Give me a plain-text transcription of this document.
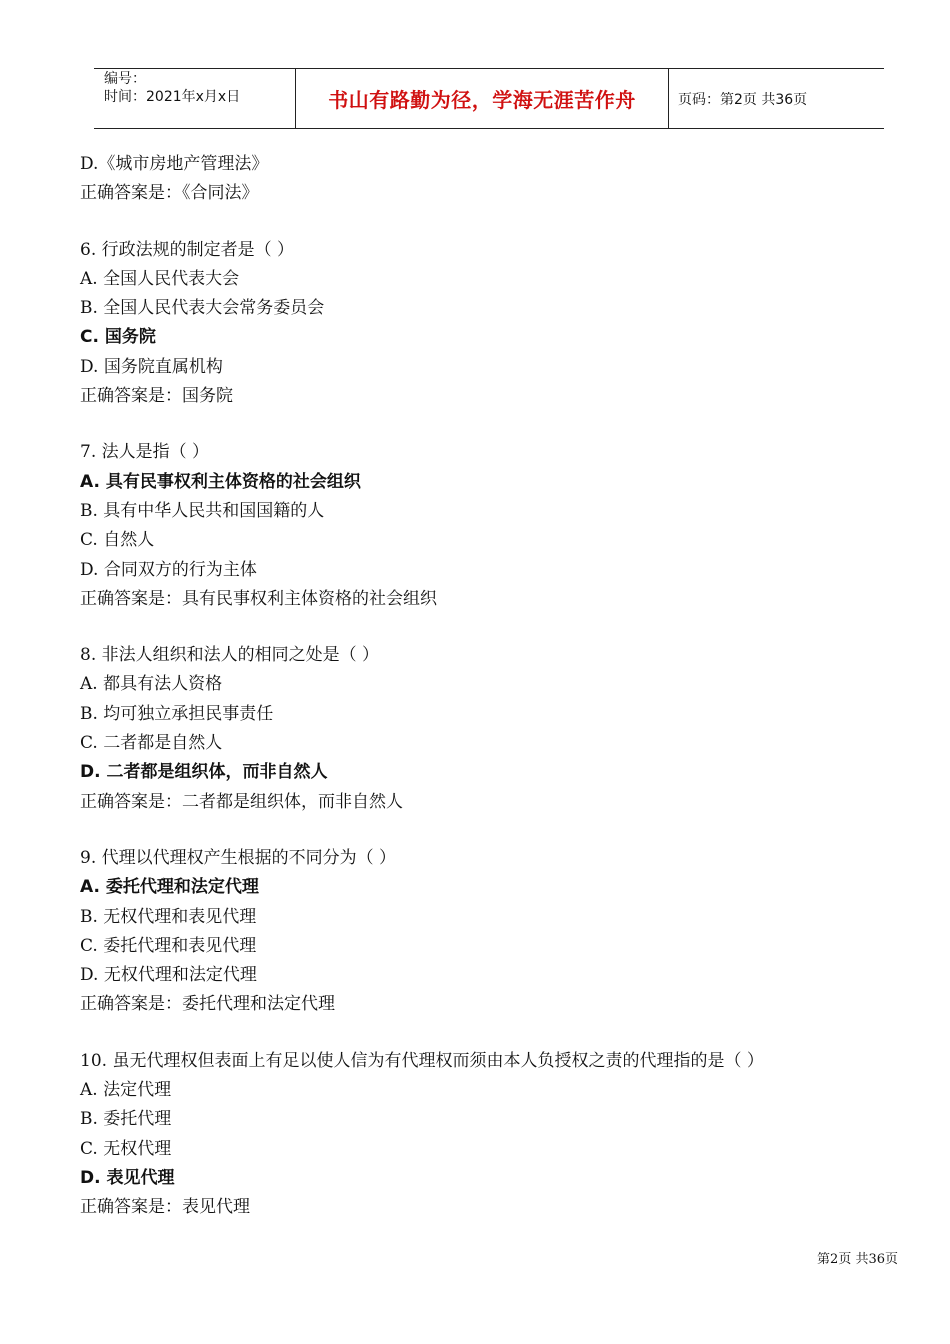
编号：
时间：2021年x月x日	书山有路勤为径，学海无涯苦作舟	页码：第2页 共36页
D.《城市房地产管理法》
正确答案是：《合同法》
6. 行政法规的制定者是（ ）
A. 全国人民代表大会
B. 全国人民代表大会常务委员会
C. 国务院
D. 国务院直属机构
正确答案是：国务院
7. 法人是指（ ）
A. 具有民事权利主体资格的社会组织
B. 具有中华人民共和国国籍的人
C. 自然人
D. 合同双方的行为主体
正确答案是：具有民事权利主体资格的社会组织
8. 非法人组织和法人的相同之处是（ ）
A. 都具有法人资格
B. 均可独立承担民事责任
C. 二者都是自然人
D. 二者都是组织体，而非自然人
正确答案是：二者都是组织体，而非自然人
9. 代理以代理权产生根据的不同分为（ ）
A. 委托代理和法定代理
B. 无权代理和表见代理
C. 委托代理和表见代理
D. 无权代理和法定代理
正确答案是：委托代理和法定代理
10. 虽无代理权但表面上有足以使人信为有代理权而须由本人负授权之责的代理指的是（ ）
A. 法定代理
B. 委托代理
C. 无权代理
D. 表见代理
正确答案是：表见代理
第2页 共36页
